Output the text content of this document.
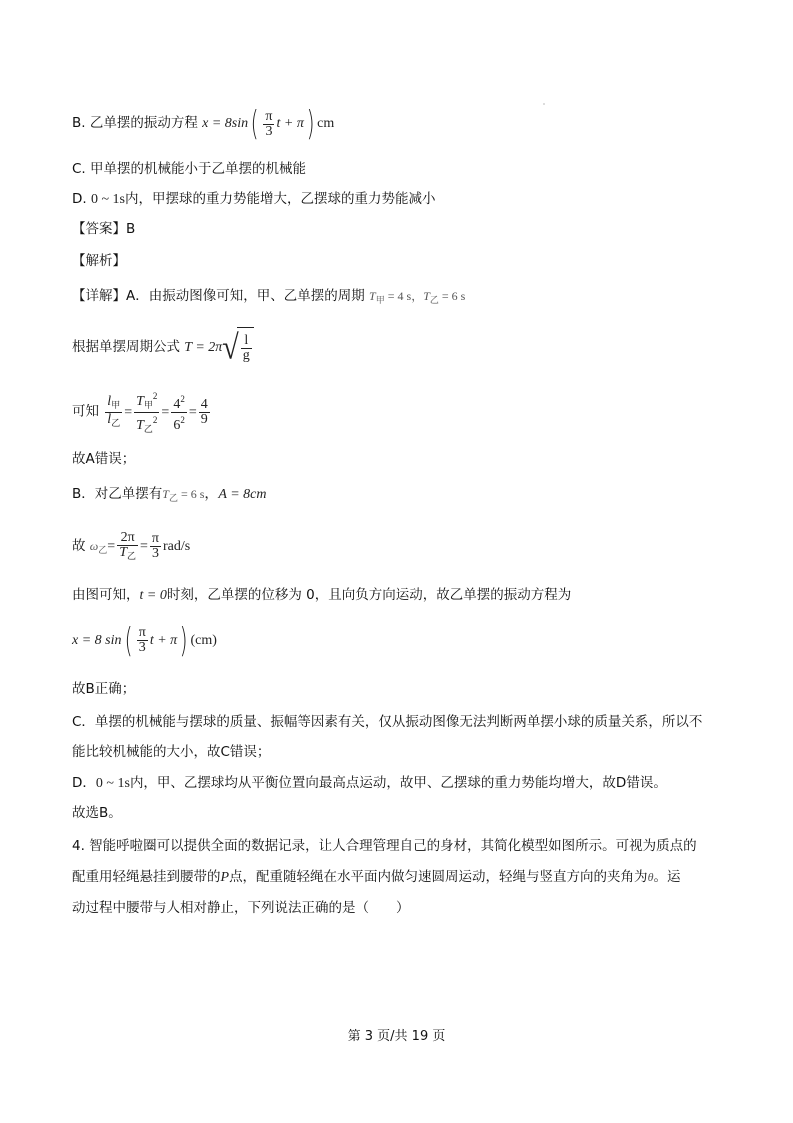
B. 乙单摆的振动方程 $x = 8\sin( \frac{\pi}{3}$ t + π) cm
C. 甲单摆的机械能小于乙单摆的机械能
D. 0 ~ 1s内，甲摆球的重力势能增大，乙摆球的重力势能减小
【答案】B
【解析】
【详解】A．由振动图像可知，甲、乙单摆的周期 $T_甲 = 4$ s，$T_乙 = 6$ s
根据单摆周期公式 $T = 2\pi√ \frac{l}{g}$
可知 $\frac{l_甲}{l_乙} = \frac{T_甲^2}{T_乙^2} = \frac{4^2}{6^2} = \frac{4}{9}$
故A错误；
B．对乙单摆有$T_乙 = 6$ s，A = 8cm
故 $\omega_乙= \frac{2\pi}{T_乙} = \frac{\pi}{3} rad/s$
由图可知，t = 0时刻，乙单摆的位移为 0，且向负方向运动，故乙单摆的振动方程为
x = 8 $\sin( \frac{\pi}{3}$ t + π) (cm)
故B正确；
C．单摆的机械能与摆球的质量、振幅等因素有关，仅从振动图像无法判断两单摆小球的质量关系，所以不
能比较机械能的大小，故C错误；
D．0 ~ 1s内，甲、乙摆球均从平衡位置向最高点运动，故甲、乙摆球的重力势能均增大，故D错误。
故选B。
4. 智能呼啦圈可以提供全面的数据记录，让人合理管理自己的身材，其简化模型如图所示。可视为质点的
配重用轻绳悬挂到腰带的P点，配重随轻绳在水平面内做匀速圆周运动，轻绳与竖直方向的夹角为θ。运
动过程中腰带与人相对静止，下列说法正确的是（　　）
第 3 页/共 19 页
